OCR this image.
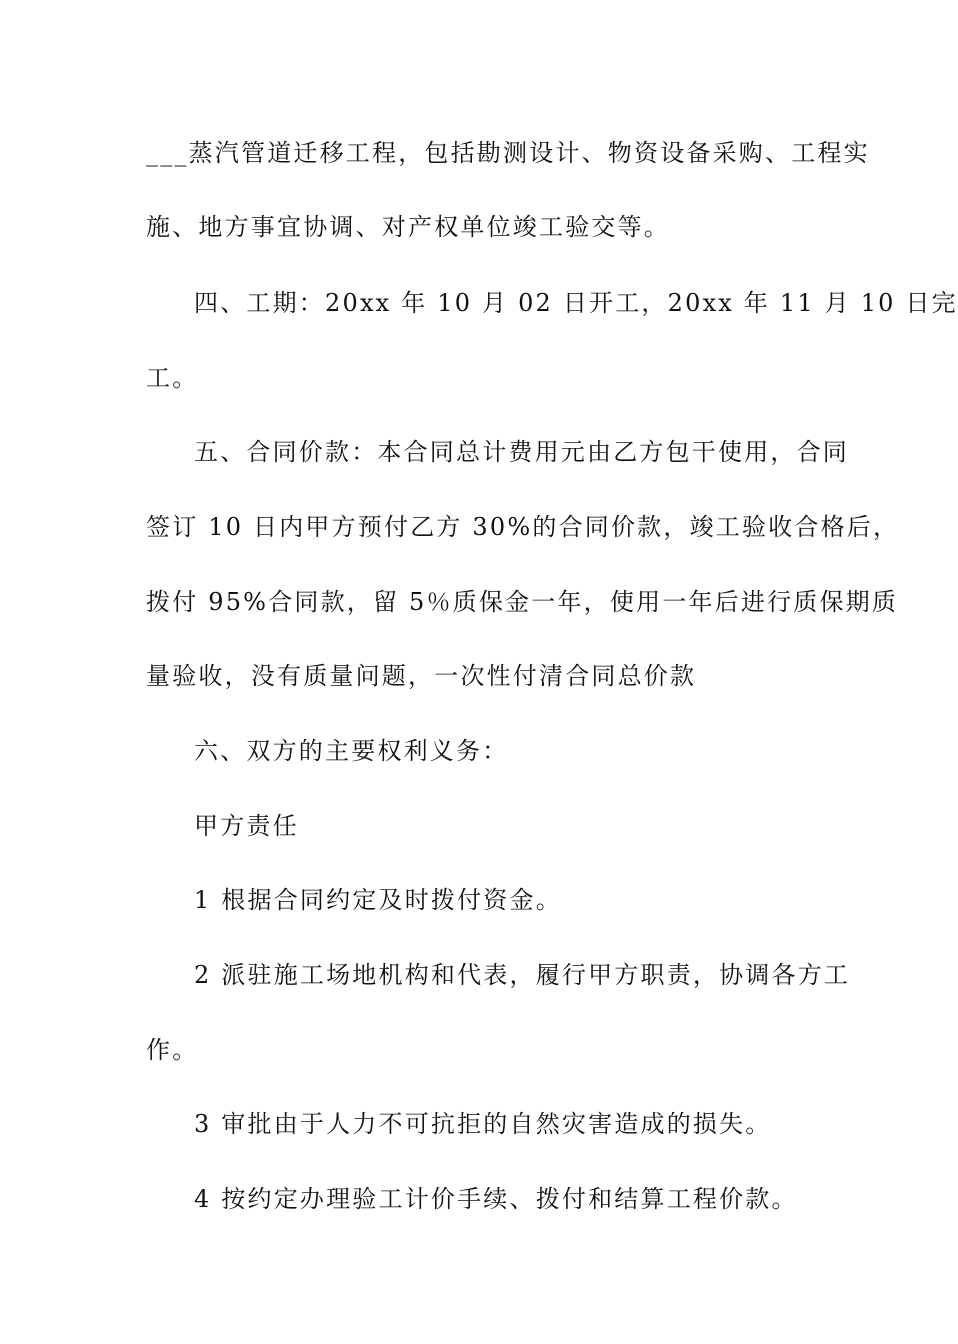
___蒸汽管道迁移工程，包括勘测设计、物资设备采购、工程实
施、地方事宜协调、对产权单位竣工验交等。
四、工期：20xx 年 10 月 02 日开工，20xx 年 11 月 10 日完
工。
五、合同价款：本合同总计费用元由乙方包干使用，合同
签订 10 日内甲方预付乙方 30%的合同价款，竣工验收合格后，
拨付 95%合同款，留 5％质保金一年，使用一年后进行质保期质
量验收，没有质量问题，一次性付清合同总价款
六、双方的主要权利义务：
甲方责任
1 根据合同约定及时拨付资金。
2 派驻施工场地机构和代表，履行甲方职责，协调各方工
作。
3 审批由于人力不可抗拒的自然灾害造成的损失。
4 按约定办理验工计价手续、拨付和结算工程价款。
